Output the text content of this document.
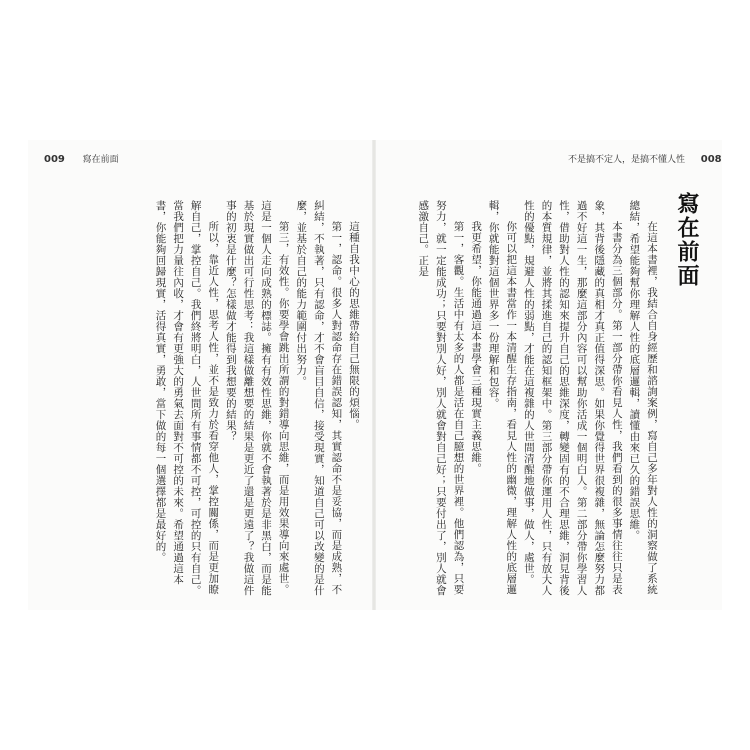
009 寫在前面	不是搞不定人，是搞不懂人性 008
寫在前面

在這本書裡，我結合自身經歷和諮詢案例，寫自己多年對人性的洞察做了系統總結，希望能夠幫你理解人性的底層邏輯，讀懂由來已久的錯誤思維。

本書分為三個部分。第一部分帶你看見人性，我們看到的很多事情往往只是表象，其背後隱藏的真相才真正值得深思。如果你覺得世界很複雜，無論怎麼努力都過不好這一生，那麼這部分內容可以幫助你活成一個明白人。第二部分帶你學習人性，借助對人性的認知來提升自己的思維深度，轉變固有的不合理思維，洞見背後的本質規律，並將其揉進自己的認知框架中。第三部分帶你運用人性，只有放大人性的優點，規避人性的弱點，才能在這複雜的人世間清醒地做事，做人，處世。

你可以把這本書當作一本清醒生存指南，看見人性的幽微，理解人性的底層邏輯，你就能對這個世界多一份理解和包容。

我更希望，你能通過這本書學會三種現實主義思維。

第一，客觀。生活中有太多的人都是活在自己臆想的世界裡。他們認為，只要努力，就一定能成功；只要對別人好，別人就會對自己好；只要付出了，別人就會感激自己。正是

這種自我中心的思維帶給自己無限的煩惱。

第一，認命。很多人對認命存在錯誤認知，其實認命不是妥協，而是成熟，不糾結，不執著，只有認命，才不會盲目自信，接受現實，知道自己可以改變的是什麼，並基於自己的能力範圍付出努力。

第三，有效性。你要學會跳出所謂的對錯導向思維，而是用效果導向來處世。這是一個人走向成熟的標誌。擁有有效性思維，你就不會執著於是非黑白，而是能基於現實做出可行性思考：我這樣做離想要的結果是更近了還是更遠了？我做這件事的初衷是什麼？怎樣做才能得到我想要的結果？

所以，靠近人性，思考人性，並不是致力於看穿他人，掌控關係，而是更加瞭解自己，掌控自己。我們終將明白，人世間所有事情都不可控，可控的只有自己。當我們把力量往內收，才會有更強大的勇氣去面對不可控的未來。希望通過這本書，你能夠回歸現實，活得真實，勇敢，當下做的每一個選擇都是最好的。
